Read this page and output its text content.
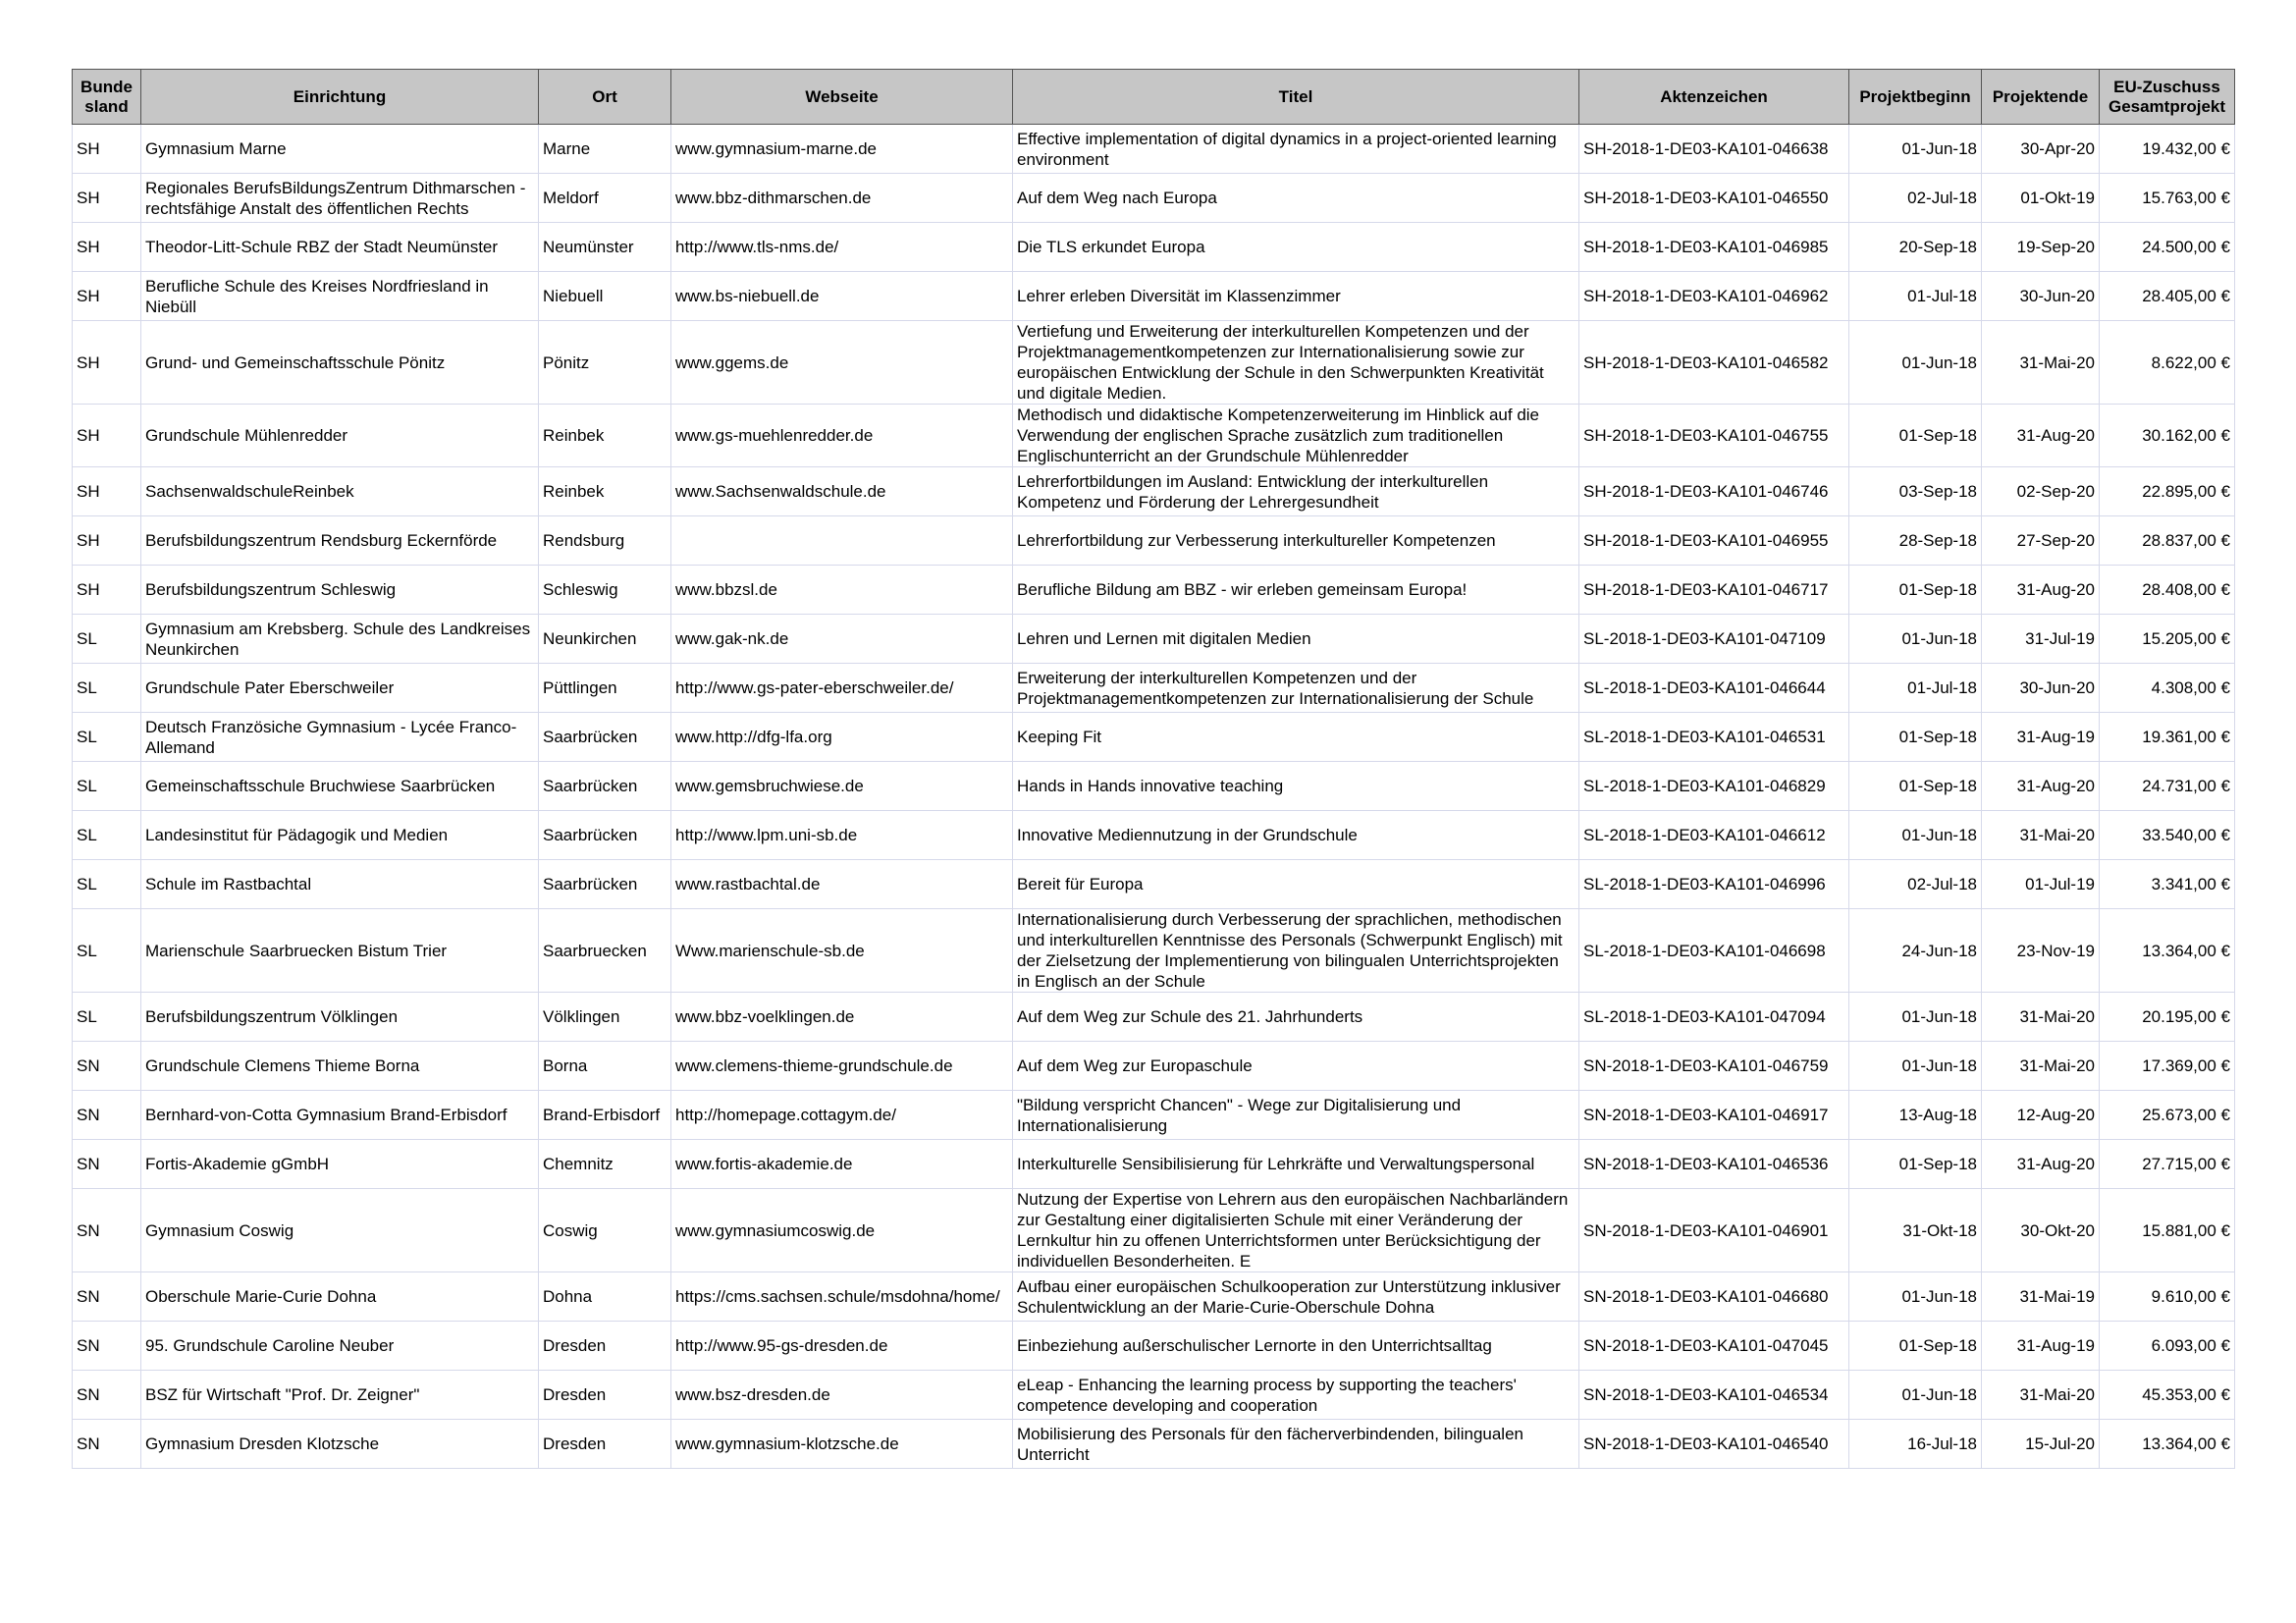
Bunde sland	Einrichtung	Ort	Webseite	Titel	Aktenzeichen	Projektbeginn	Projektende	EU-Zuschuss Gesamtprojekt

SH	Gymnasium Marne	Marne	www.gymnasium-marne.de	Effective implementation of digital dynamics in a project-oriented learning environment	SH-2018-1-DE03-KA101-046638	01-Jun-18	30-Apr-20	19.432,00 €

SH	Regionales BerufsBildungsZentrum Dithmarschen - rechtsfähige Anstalt des öffentlichen Rechts	Meldorf	www.bbz-dithmarschen.de	Auf dem Weg nach Europa	SH-2018-1-DE03-KA101-046550	02-Jul-18	01-Okt-19	15.763,00 €

SH	Theodor-Litt-Schule RBZ der Stadt Neumünster	Neumünster	http://www.tls-nms.de/	Die TLS erkundet Europa	SH-2018-1-DE03-KA101-046985	20-Sep-18	19-Sep-20	24.500,00 €

SH	Berufliche Schule des Kreises Nordfriesland in Niebüll	Niebuell	www.bs-niebuell.de	Lehrer erleben Diversität im Klassenzimmer	SH-2018-1-DE03-KA101-046962	01-Jul-18	30-Jun-20	28.405,00 €

SH	Grund- und Gemeinschaftsschule Pönitz	Pönitz	www.ggems.de	Vertiefung und Erweiterung der interkulturellen Kompetenzen und der Projektmanagementkompetenzen zur Internationalisierung sowie zur europäischen Entwicklung der Schule in den Schwerpunkten Kreativität und digitale Medien.	SH-2018-1-DE03-KA101-046582	01-Jun-18	31-Mai-20	8.622,00 €

SH	Grundschule Mühlenredder	Reinbek	www.gs-muehlenredder.de	Methodisch und didaktische Kompetenzerweiterung im Hinblick auf die Verwendung der englischen Sprache zusätzlich zum traditionellen Englischunterricht an der Grundschule Mühlenredder	SH-2018-1-DE03-KA101-046755	01-Sep-18	31-Aug-20	30.162,00 €

SH	SachsenwaldschuleReinbek	Reinbek	www.Sachsenwaldschule.de	Lehrerfortbildungen im Ausland: Entwicklung der interkulturellen Kompetenz und Förderung der Lehrergesundheit	SH-2018-1-DE03-KA101-046746	03-Sep-18	02-Sep-20	22.895,00 €

SH	Berufsbildungszentrum Rendsburg Eckernförde	Rendsburg		Lehrerfortbildung zur Verbesserung interkultureller Kompetenzen	SH-2018-1-DE03-KA101-046955	28-Sep-18	27-Sep-20	28.837,00 €

SH	Berufsbildungszentrum Schleswig	Schleswig	www.bbzsl.de	Berufliche Bildung am BBZ - wir erleben gemeinsam Europa!	SH-2018-1-DE03-KA101-046717	01-Sep-18	31-Aug-20	28.408,00 €

SL	Gymnasium am Krebsberg. Schule des Landkreises Neunkirchen	Neunkirchen	www.gak-nk.de	Lehren und Lernen mit digitalen Medien	SL-2018-1-DE03-KA101-047109	01-Jun-18	31-Jul-19	15.205,00 €

SL	Grundschule Pater Eberschweiler	Püttlingen	http://www.gs-pater-eberschweiler.de/	Erweiterung der interkulturellen Kompetenzen und der Projektmanagementkompetenzen zur Internationalisierung der Schule	SL-2018-1-DE03-KA101-046644	01-Jul-18	30-Jun-20	4.308,00 €

SL	Deutsch Französiche Gymnasium - Lycée Franco-Allemand	Saarbrücken	www.http://dfg-lfa.org	Keeping Fit	SL-2018-1-DE03-KA101-046531	01-Sep-18	31-Aug-19	19.361,00 €

SL	Gemeinschaftsschule Bruchwiese Saarbrücken	Saarbrücken	www.gemsbruchwiese.de	Hands in Hands innovative teaching	SL-2018-1-DE03-KA101-046829	01-Sep-18	31-Aug-20	24.731,00 €

SL	Landesinstitut für Pädagogik und Medien	Saarbrücken	http://www.lpm.uni-sb.de	Innovative Mediennutzung in der Grundschule	SL-2018-1-DE03-KA101-046612	01-Jun-18	31-Mai-20	33.540,00 €

SL	Schule im Rastbachtal	Saarbrücken	www.rastbachtal.de	Bereit für Europa	SL-2018-1-DE03-KA101-046996	02-Jul-18	01-Jul-19	3.341,00 €

SL	Marienschule Saarbruecken Bistum Trier	Saarbruecken	Www.marienschule-sb.de	Internationalisierung durch Verbesserung der sprachlichen, methodischen und interkulturellen Kenntnisse des Personals (Schwerpunkt Englisch) mit der Zielsetzung der Implementierung von bilingualen Unterrichtsprojekten in Englisch an der Schule	SL-2018-1-DE03-KA101-046698	24-Jun-18	23-Nov-19	13.364,00 €

SL	Berufsbildungszentrum Völklingen	Völklingen	www.bbz-voelklingen.de	Auf dem Weg zur Schule des 21. Jahrhunderts	SL-2018-1-DE03-KA101-047094	01-Jun-18	31-Mai-20	20.195,00 €

SN	Grundschule Clemens Thieme Borna	Borna	www.clemens-thieme-grundschule.de	Auf dem Weg zur Europaschule	SN-2018-1-DE03-KA101-046759	01-Jun-18	31-Mai-20	17.369,00 €

SN	Bernhard-von-Cotta Gymnasium Brand-Erbisdorf	Brand-Erbisdorf	http://homepage.cottagym.de/	"Bildung verspricht Chancen" - Wege zur Digitalisierung und Internationalisierung	SN-2018-1-DE03-KA101-046917	13-Aug-18	12-Aug-20	25.673,00 €

SN	Fortis-Akademie gGmbH	Chemnitz	www.fortis-akademie.de	Interkulturelle Sensibilisierung für Lehrkräfte und Verwaltungspersonal	SN-2018-1-DE03-KA101-046536	01-Sep-18	31-Aug-20	27.715,00 €

SN	Gymnasium Coswig	Coswig	www.gymnasiumcoswig.de	Nutzung der Expertise von Lehrern aus den europäischen Nachbarländern zur Gestaltung einer digitalisierten Schule mit einer Veränderung der Lernkultur hin zu offenen Unterrichtsformen unter Berücksichtigung der individuellen Besonderheiten. E	SN-2018-1-DE03-KA101-046901	31-Okt-18	30-Okt-20	15.881,00 €

SN	Oberschule Marie-Curie Dohna	Dohna	https://cms.sachsen.schule/msdohna/home/	Aufbau einer europäischen Schulkooperation zur Unterstützung inklusiver Schulentwicklung an der Marie-Curie-Oberschule Dohna	SN-2018-1-DE03-KA101-046680	01-Jun-18	31-Mai-19	9.610,00 €

SN	95. Grundschule Caroline Neuber	Dresden	http://www.95-gs-dresden.de	Einbeziehung außerschulischer Lernorte in den Unterrichtsalltag	SN-2018-1-DE03-KA101-047045	01-Sep-18	31-Aug-19	6.093,00 €

SN	BSZ für Wirtschaft "Prof. Dr. Zeigner"	Dresden	www.bsz-dresden.de	eLeap - Enhancing the learning process by supporting the teachers' competence developing and cooperation	SN-2018-1-DE03-KA101-046534	01-Jun-18	31-Mai-20	45.353,00 €

SN	Gymnasium Dresden Klotzsche	Dresden	www.gymnasium-klotzsche.de	Mobilisierung des Personals für den fächerverbindenden, bilingualen Unterricht	SN-2018-1-DE03-KA101-046540	16-Jul-18	15-Jul-20	13.364,00 €
